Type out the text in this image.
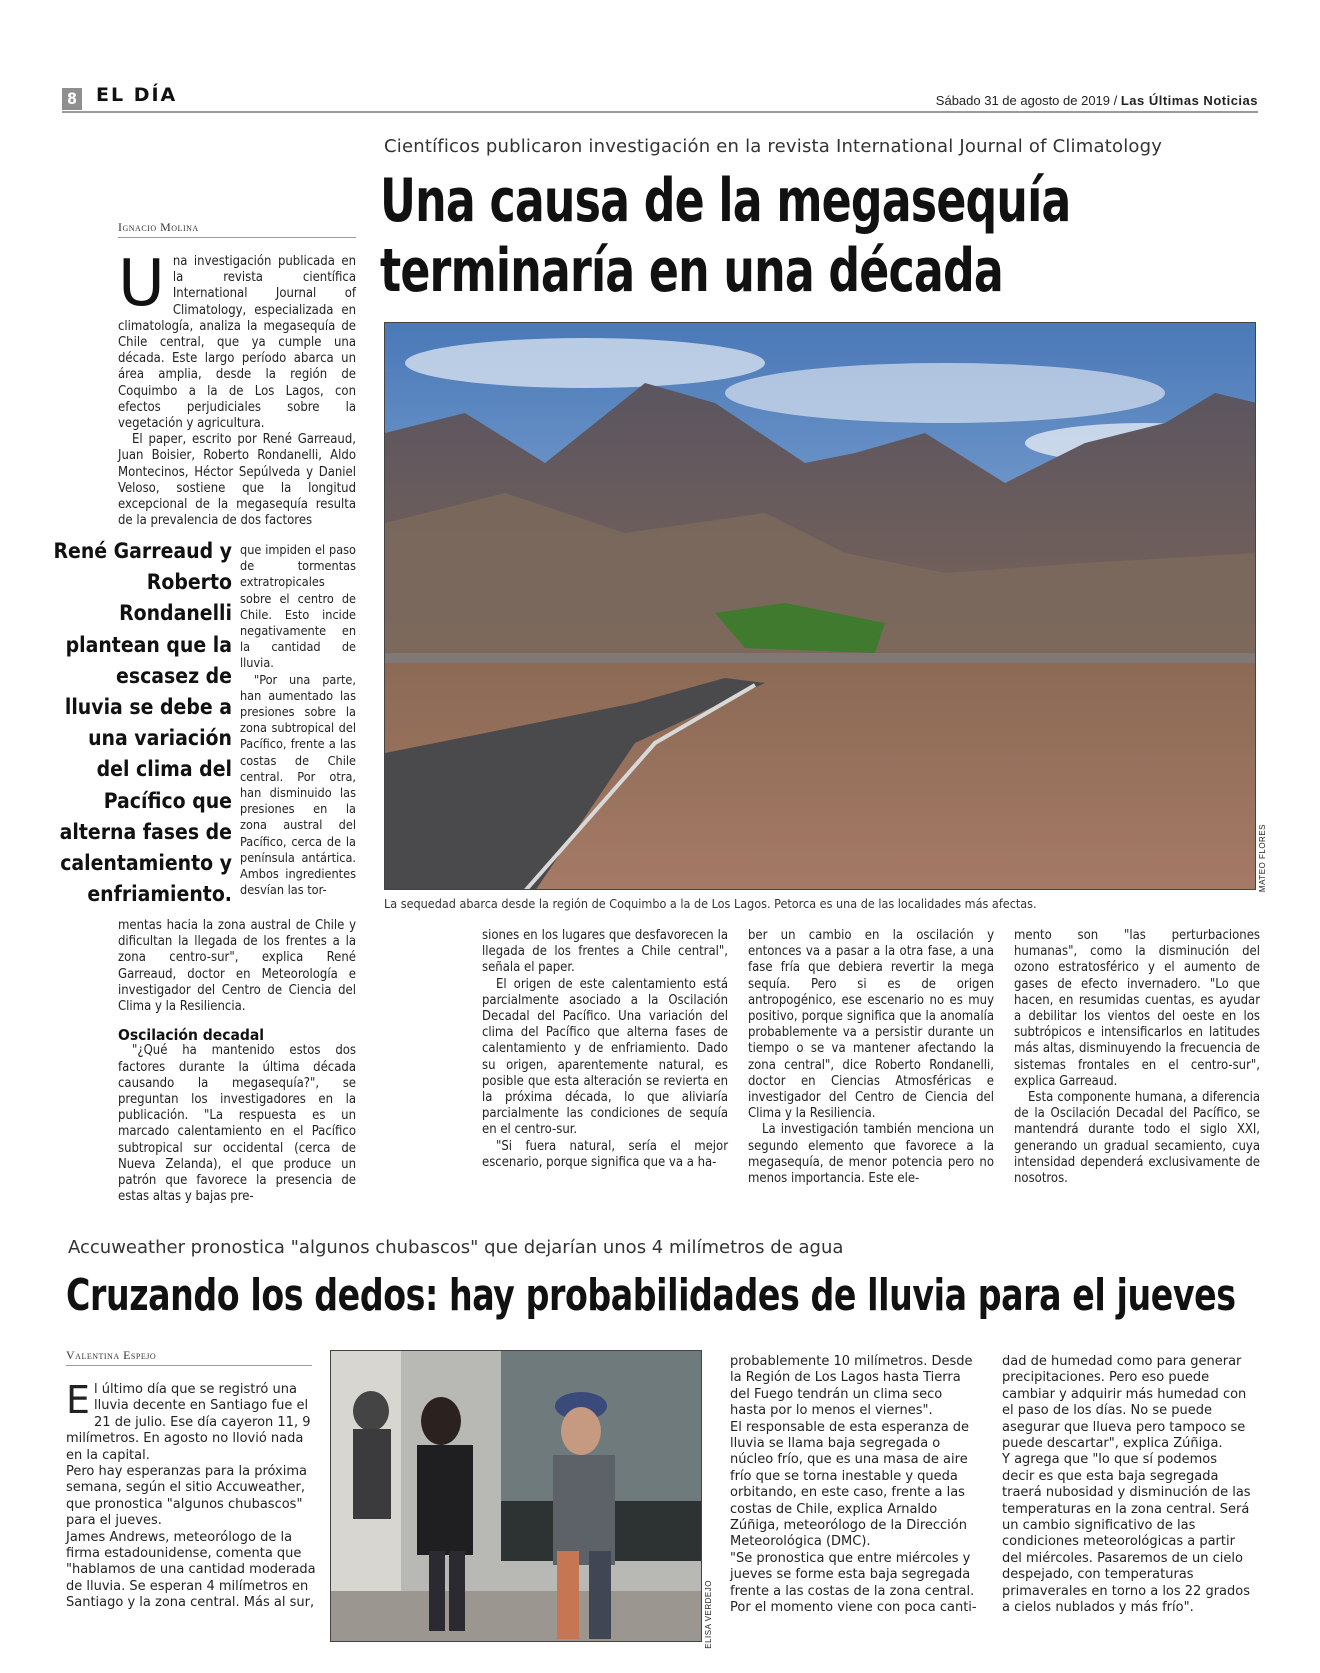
8 EL DÍA	Sábado 31 de agosto de 2019 / Las Últimas Noticias
Científicos publicaron investigación en la revista International Journal of Climatology
Una causa de la megasequía
terminaría en una década
Ignacio Molina

Una investigación publicada en la revista científica International Journal of Climatology, especializada en climatología, analiza la megasequía de Chile central, que ya cumple una década. Este largo período abarca un área amplia, desde la región de Coquimbo a la de Los Lagos, con efectos perjudiciales sobre la vegetación y agricultura.

El paper, escrito por René Garreaud, Juan Boisier, Roberto Rondanelli, Aldo Montecinos, Héctor Sepúlveda y Daniel Veloso, sostiene que la longitud excepcional de la megasequía resulta de la prevalencia de dos factores

René Garreaud y Roberto Rondanelli plantean que la escasez de lluvia se debe a una variación del clima del Pacífico que alterna fases de calentamiento y enfriamiento.

que impiden el paso de tormentas extratropicales sobre el centro de Chile. Esto incide negativamente en la cantidad de lluvia.

"Por una parte, han aumentado las presiones sobre la zona subtropical del Pacífico, frente a las costas de Chile central. Por otra, han disminuido las presiones en la zona austral del Pacífico, cerca de la península antártica. Ambos ingredientes desvían las tor-

mentas hacia la zona austral de Chile y dificultan la llegada de los frentes a la zona centro-sur", explica René Garreaud, doctor en Meteorología e investigador del Centro de Ciencia del Clima y la Resiliencia.

Oscilación decadal

"¿Qué ha mantenido estos dos factores durante la última década causando la megasequía?", se preguntan los investigadores en la publicación. "La respuesta es un marcado calentamiento en el Pacífico subtropical sur occidental (cerca de Nueva Zelanda), el que produce un patrón que favorece la presencia de estas altas y bajas pre-

MATEO FLORES
La sequedad abarca desde la región de Coquimbo a la de Los Lagos. Petorca es una de las localidades más afectas.

siones en los lugares que desfavorecen la llegada de los frentes a Chile central", señala el paper.

El origen de este calentamiento está parcialmente asociado a la Oscilación Decadal del Pacífico. Una variación del clima del Pacífico que alterna fases de calentamiento y de enfriamiento. Dado su origen, aparentemente natural, es posible que esta alteración se revierta en la próxima década, lo que aliviaría parcialmente las condiciones de sequía en el centro-sur.

"Si fuera natural, sería el mejor escenario, porque significa que va a ha-

ber un cambio en la oscilación y entonces va a pasar a la otra fase, a una fase fría que debiera revertir la mega sequía. Pero si es de origen antropogénico, ese escenario no es muy positivo, porque significa que la anomalía probablemente va a persistir durante un tiempo o se va mantener afectando la zona central", dice Roberto Rondanelli, doctor en Ciencias Atmosféricas e investigador del Centro de Ciencia del Clima y la Resiliencia.

La investigación también menciona un segundo elemento que favorece a la megasequía, de menor potencia pero no menos importancia. Este ele-

mento son "las perturbaciones humanas", como la disminución del ozono estratosférico y el aumento de gases de efecto invernadero. "Lo que hacen, en resumidas cuentas, es ayudar a debilitar los vientos del oeste en los subtrópicos e intensificarlos en latitudes más altas, disminuyendo la frecuencia de sistemas frontales en el centro-sur", explica Garreaud.

Esta componente humana, a diferencia de la Oscilación Decadal del Pacífico, se mantendrá durante todo el siglo XXI, generando un gradual secamiento, cuya intensidad dependerá exclusivamente de nosotros.

Accuweather pronostica "algunos chubascos" que dejarían unos 4 milímetros de agua
Cruzando los dedos: hay probabilidades de lluvia para el jueves
Valentina Espejo

El último día que se registró una lluvia decente en Santiago fue el 21 de julio. Ese día cayeron 11, 9 milímetros. En agosto no llovió nada en la capital.

Pero hay esperanzas para la próxima semana, según el sitio Accuweather, que pronostica "algunos chubascos" para el jueves.

James Andrews, meteorólogo de la firma estadounidense, comenta que "hablamos de una cantidad moderada de lluvia. Se esperan 4 milímetros en Santiago y la zona central. Más al sur,	ELISA VERDEJO

probablemente 10 milímetros. Desde la Región de Los Lagos hasta Tierra del Fuego tendrán un clima seco hasta por lo menos el viernes".

El responsable de esta esperanza de lluvia se llama baja segregada o núcleo frío, que es una masa de aire frío que se torna inestable y queda orbitando, en este caso, frente a las costas de Chile, explica Arnaldo Zúñiga, meteorólogo de la Dirección Meteorológica (DMC).

"Se pronostica que entre miércoles y jueves se forme esta baja segregada frente a las costas de la zona central. Por el momento viene con poca canti-

dad de humedad como para generar precipitaciones. Pero eso puede cambiar y adquirir más humedad con el paso de los días. No se puede asegurar que llueva pero tampoco se puede descartar", explica Zúñiga.

Y agrega que "lo que sí podemos decir es que esta baja segregada traerá nubosidad y disminución de las temperaturas en la zona central. Será un cambio significativo de las condiciones meteorológicas a partir del miércoles. Pasaremos de un cielo despejado, con temperaturas primaverales en torno a los 22 grados a cielos nublados y más frío".
